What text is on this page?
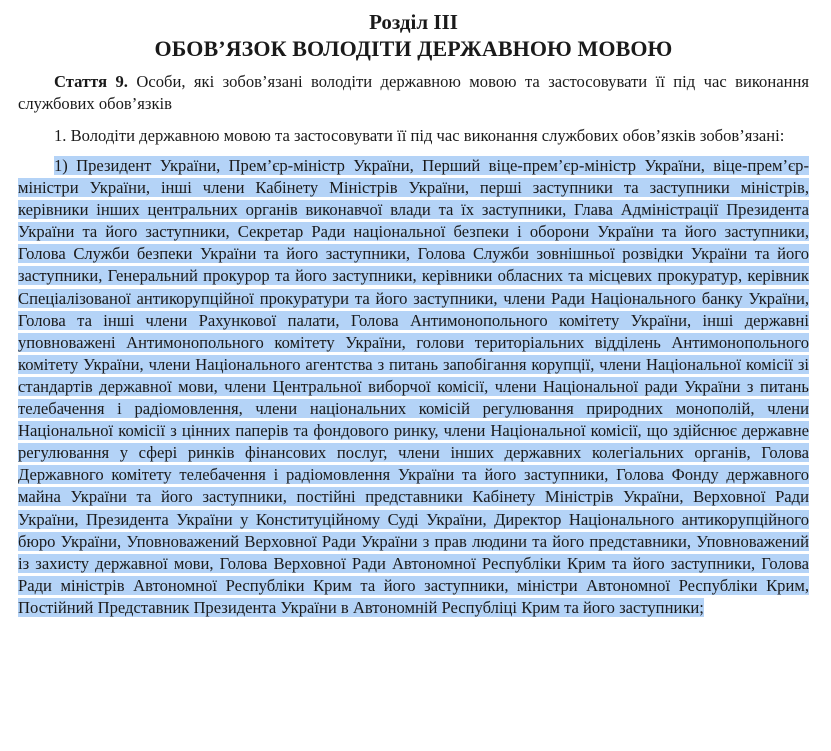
Розділ III

ОБОВ’ЯЗОК ВОЛОДІТИ ДЕРЖАВНОЮ МОВОЮ

Стаття 9. Особи, які зобов’язані володіти державною мовою та застосовувати її під час виконання службових обов’язків

1. Володіти державною мовою та застосовувати її під час виконання службових обов’язків зобов’язані:

1) Президент України, Прем’єр-міністр України, Перший віце-прем’єр-міністр України, віце-прем’єр-міністри України, інші члени Кабінету Міністрів України, перші заступники та заступники міністрів, керівники інших центральних органів виконавчої влади та їх заступники, Глава Адміністрації Президента України та його заступники, Секретар Ради національної безпеки і оборони України та його заступники, Голова Служби безпеки України та його заступники, Голова Служби зовнішньої розвідки України та його заступники, Генеральний прокурор та його заступники, керівники обласних та місцевих прокуратур, керівник Спеціалізованої антикорупційної прокуратури та його заступники, члени Ради Національного банку України, Голова та інші члени Рахункової палати, Голова Антимонопольного комітету України, інші державні уповноважені Антимонопольного комітету України, голови територіальних відділень Антимонопольного комітету України, члени Національного агентства з питань запобігання корупції, члени Національної комісії зі стандартів державної мови, члени Центральної виборчої комісії, члени Національної ради України з питань телебачення і радіомовлення, члени національних комісій регулювання природних монополій, члени Національної комісії з цінних паперів та фондового ринку, члени Національної комісії, що здійснює державне регулювання у сфері ринків фінансових послуг, члени інших державних колегіальних органів, Голова Державного комітету телебачення і радіомовлення України та його заступники, Голова Фонду державного майна України та його заступники, постійні представники Кабінету Міністрів України, Верховної Ради України, Президента України у Конституційному Суді України, Директор Національного антикорупційного бюро України, Уповноважений Верховної Ради України з прав людини та його представники, Уповноважений із захисту державної мови, Голова Верховної Ради Автономної Республіки Крим та його заступники, Голова Ради міністрів Автономної Республіки Крим та його заступники, міністри Автономної Республіки Крим, Постійний Представник Президента України в Автономній Республіці Крим та його заступники;
